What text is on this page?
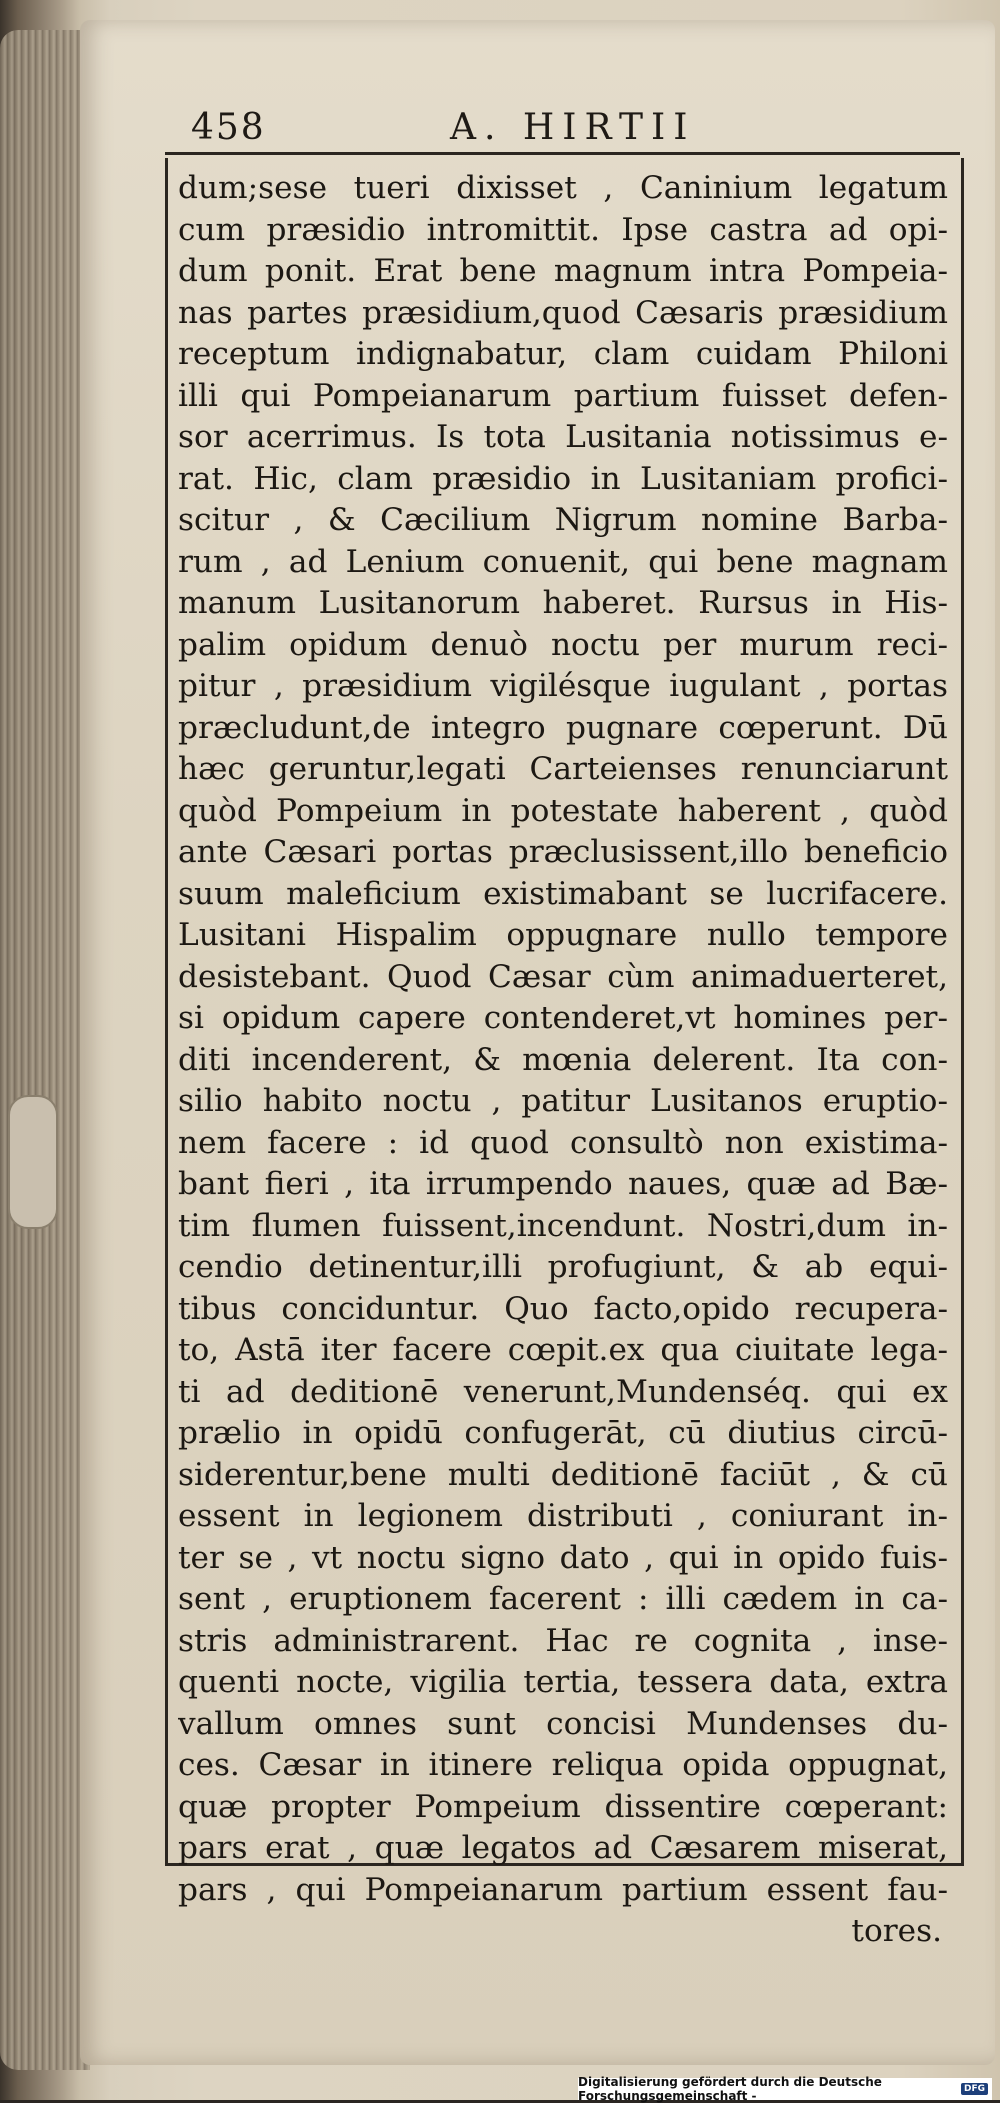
458	A. HIRTII
dum;sese tueri dixisset , Caninium legatum
cum præsidio intromittit. Ipse castra ad opi-
dum ponit. Erat bene magnum intra Pompeia-
nas partes præsidium,quod Cæsaris præsidium
receptum indignabatur, clam cuidam Philoni
illi qui Pompeianarum partium fuisset defen-
sor acerrimus. Is tota Lusitania notissimus e-
rat. Hic, clam præsidio in Lusitaniam profici-
scitur , & Cæcilium Nigrum nomine Barba-
rum , ad Lenium conuenit, qui bene magnam
manum Lusitanorum haberet. Rursus in His-
palim opidum denuò noctu per murum reci-
pitur , præsidium vigilésque iugulant , portas
præcludunt,de integro pugnare cœperunt. Dū
hæc geruntur,legati Carteienses renunciarunt
quòd Pompeium in potestate haberent , quòd
ante Cæsari portas præclusissent,illo beneficio
suum maleficium existimabant se lucrifacere.
Lusitani Hispalim oppugnare nullo tempore
desistebant. Quod Cæsar cùm animaduerteret,
si opidum capere contenderet,vt homines per-
diti incenderent, & mœnia delerent. Ita con-
silio habito noctu , patitur Lusitanos eruptio-
nem facere : id quod consultò non existima-
bant fieri , ita irrumpendo naues, quæ ad Bæ-
tim flumen fuissent,incendunt. Nostri,dum in-
cendio detinentur,illi profugiunt, & ab equi-
tibus conciduntur. Quo facto,opido recupera-
to, Astā iter facere cœpit.ex qua ciuitate lega-
ti ad deditionē venerunt,Mundenséq. qui ex
prælio in opidū confugerāt, cū diutius circū-
siderentur,bene multi deditionē faciūt , & cū
essent in legionem distributi , coniurant in-
ter se , vt noctu signo dato , qui in opido fuis-
sent , eruptionem facerent : illi cædem in ca-
stris administrarent. Hac re cognita , inse-
quenti nocte, vigilia tertia, tessera data, extra
vallum omnes sunt concisi Mundenses du-
ces. Cæsar in itinere reliqua opida oppugnat,
quæ propter Pompeium dissentire cœperant:
pars erat , quæ legatos ad Cæsarem miserat,
pars , qui Pompeianarum partium essent fau-
tores.
Digitalisierung gefördert durch die Deutsche Forschungsgemeinschaft -	DFG
